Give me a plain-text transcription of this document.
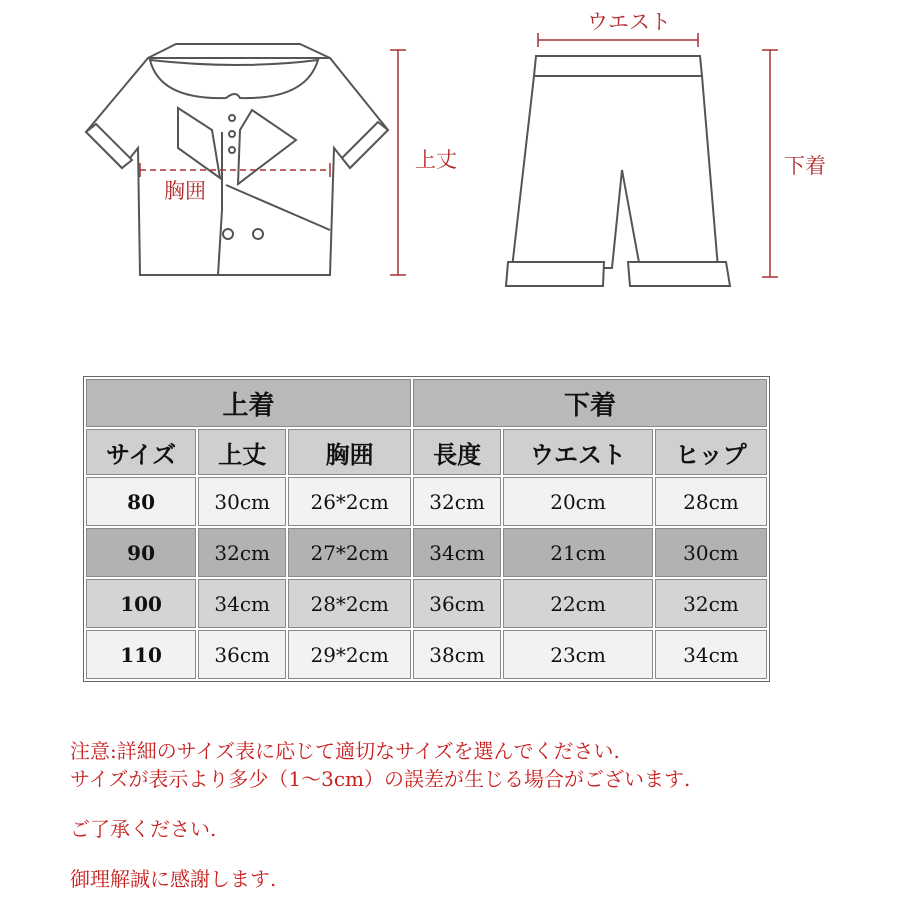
胸囲
上丈
ウエスト
下着
上着			下着		
サイズ	上丈	胸囲	長度	ウエスト	ヒップ
80	30cm	26*2cm	32cm	20cm	28cm
90	32cm	27*2cm	34cm	21cm	30cm
100	34cm	28*2cm	36cm	22cm	32cm
110	36cm	29*2cm	38cm	23cm	34cm

注意:詳細のサイズ表に応じて適切なサイズを選んでください.

サイズが表示より多少（1～3cm）の誤差が生じる場合がございます.

ご了承ください.

御理解誠に感謝します.
